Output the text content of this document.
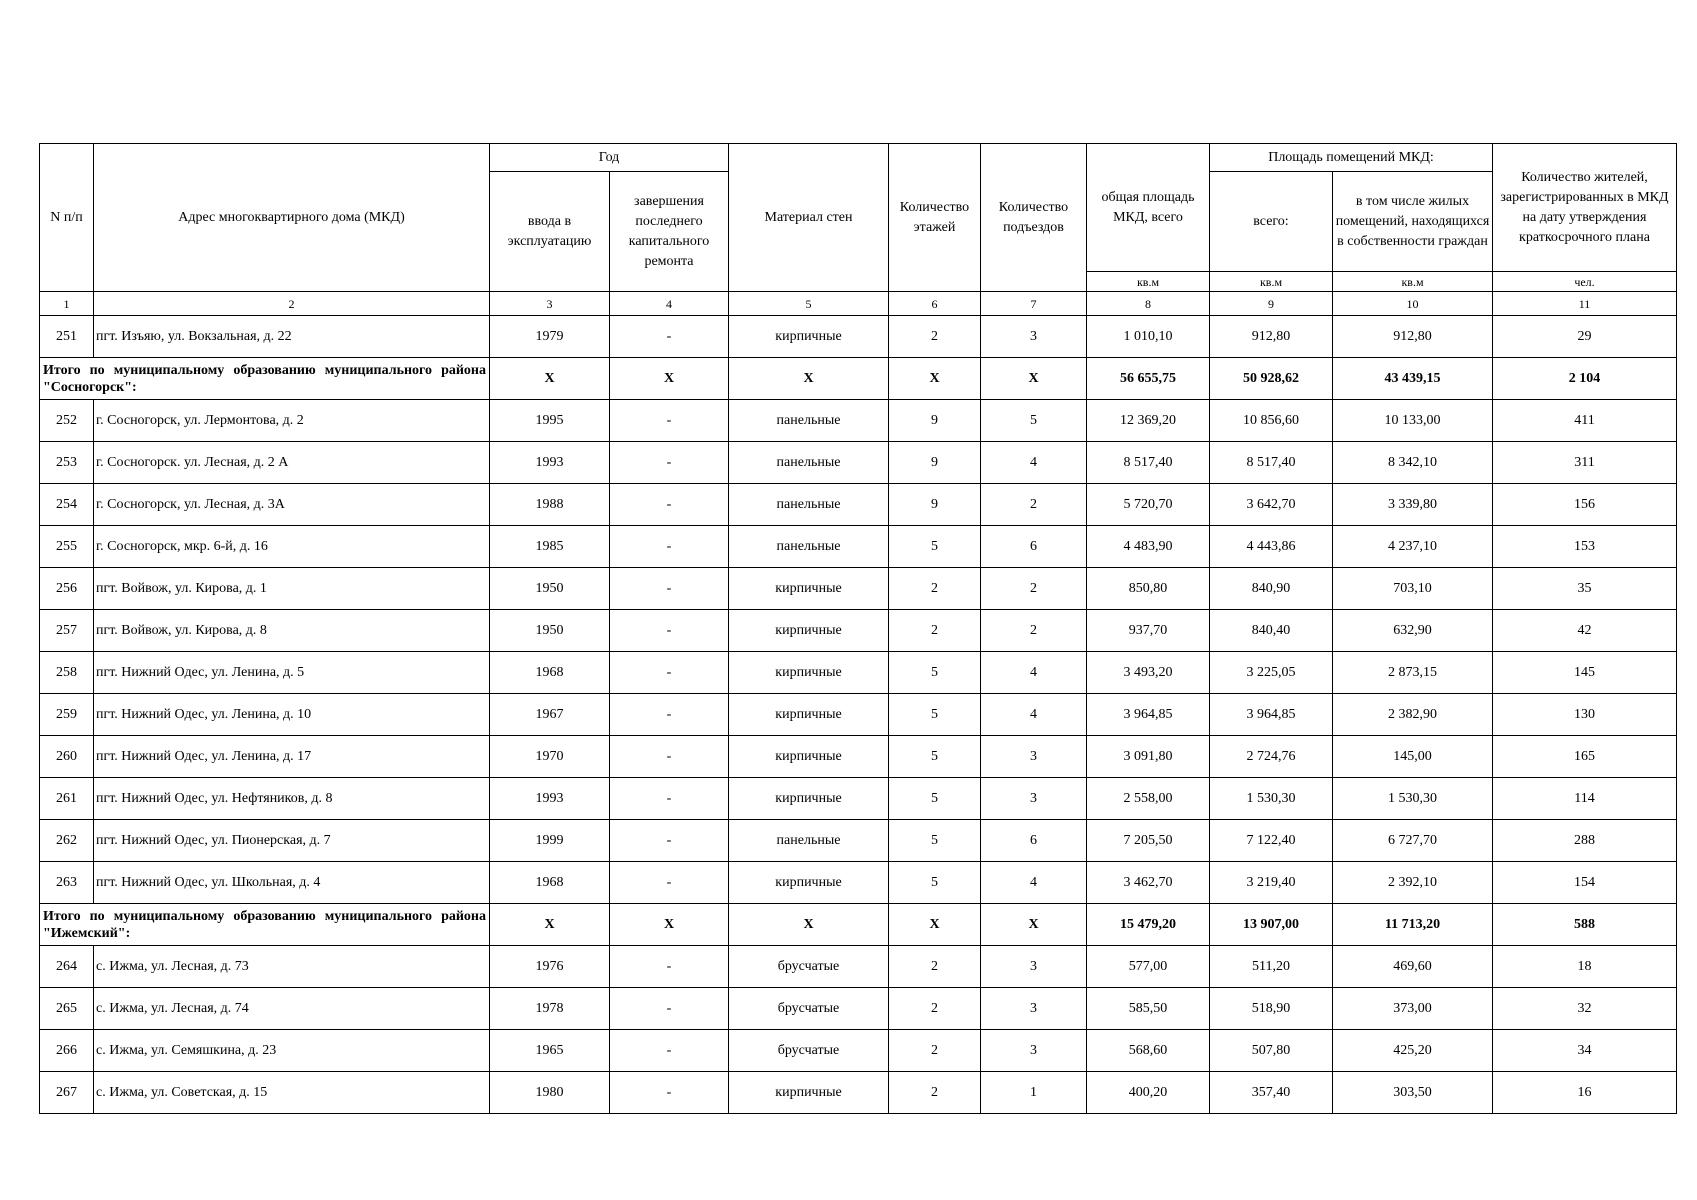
N п/п	Адрес многоквартирного дома (МКД)	Год		Материал стен	Количество этажей	Количество подъездов	общая площадь МКД, всего	Площадь помещений МКД:		Количество жителей, зарегистрированных в МКД на дату утверждения краткосрочного плана
		ввода в эксплуатацию	завершения последнего капитального ремонта					всего:	в том числе жилых помещений, находящихся в собственности граждан	
							кв.м	кв.м	кв.м	чел.
1	2	3	4	5	6	7	8	9	10	11
251	пгт. Изъяю, ул. Вокзальная, д. 22	1979	-	кирпичные	2	3	1 010,10	912,80	912,80	29
Итого по муниципальному образованию муниципального района "Сосногорск":		X	X	X	X	X	56 655,75	50 928,62	43 439,15	2 104
252	г. Сосногорск, ул. Лермонтова, д. 2	1995	-	панельные	9	5	12 369,20	10 856,60	10 133,00	411
253	г. Сосногорск. ул. Лесная, д. 2 А	1993	-	панельные	9	4	8 517,40	8 517,40	8 342,10	311
254	г. Сосногорск, ул. Лесная, д. 3А	1988	-	панельные	9	2	5 720,70	3 642,70	3 339,80	156
255	г. Сосногорск, мкр. 6-й, д. 16	1985	-	панельные	5	6	4 483,90	4 443,86	4 237,10	153
256	пгт. Войвож, ул. Кирова, д. 1	1950	-	кирпичные	2	2	850,80	840,90	703,10	35
257	пгт. Войвож, ул. Кирова, д. 8	1950	-	кирпичные	2	2	937,70	840,40	632,90	42
258	пгт. Нижний Одес, ул. Ленина, д. 5	1968	-	кирпичные	5	4	3 493,20	3 225,05	2 873,15	145
259	пгт. Нижний Одес, ул. Ленина, д. 10	1967	-	кирпичные	5	4	3 964,85	3 964,85	2 382,90	130
260	пгт. Нижний Одес, ул. Ленина, д. 17	1970	-	кирпичные	5	3	3 091,80	2 724,76	145,00	165
261	пгт. Нижний Одес, ул. Нефтяников, д. 8	1993	-	кирпичные	5	3	2 558,00	1 530,30	1 530,30	114
262	пгт. Нижний Одес, ул. Пионерская, д. 7	1999	-	панельные	5	6	7 205,50	7 122,40	6 727,70	288
263	пгт. Нижний Одес, ул. Школьная, д. 4	1968	-	кирпичные	5	4	3 462,70	3 219,40	2 392,10	154
Итого по муниципальному образованию муниципального района "Ижемский":		X	X	X	X	X	15 479,20	13 907,00	11 713,20	588
264	с. Ижма, ул. Лесная, д. 73	1976	-	брусчатые	2	3	577,00	511,20	469,60	18
265	с. Ижма, ул. Лесная, д. 74	1978	-	брусчатые	2	3	585,50	518,90	373,00	32
266	с. Ижма, ул. Семяшкина, д. 23	1965	-	брусчатые	2	3	568,60	507,80	425,20	34
267	с. Ижма, ул. Советская, д. 15	1980	-	кирпичные	2	1	400,20	357,40	303,50	16
